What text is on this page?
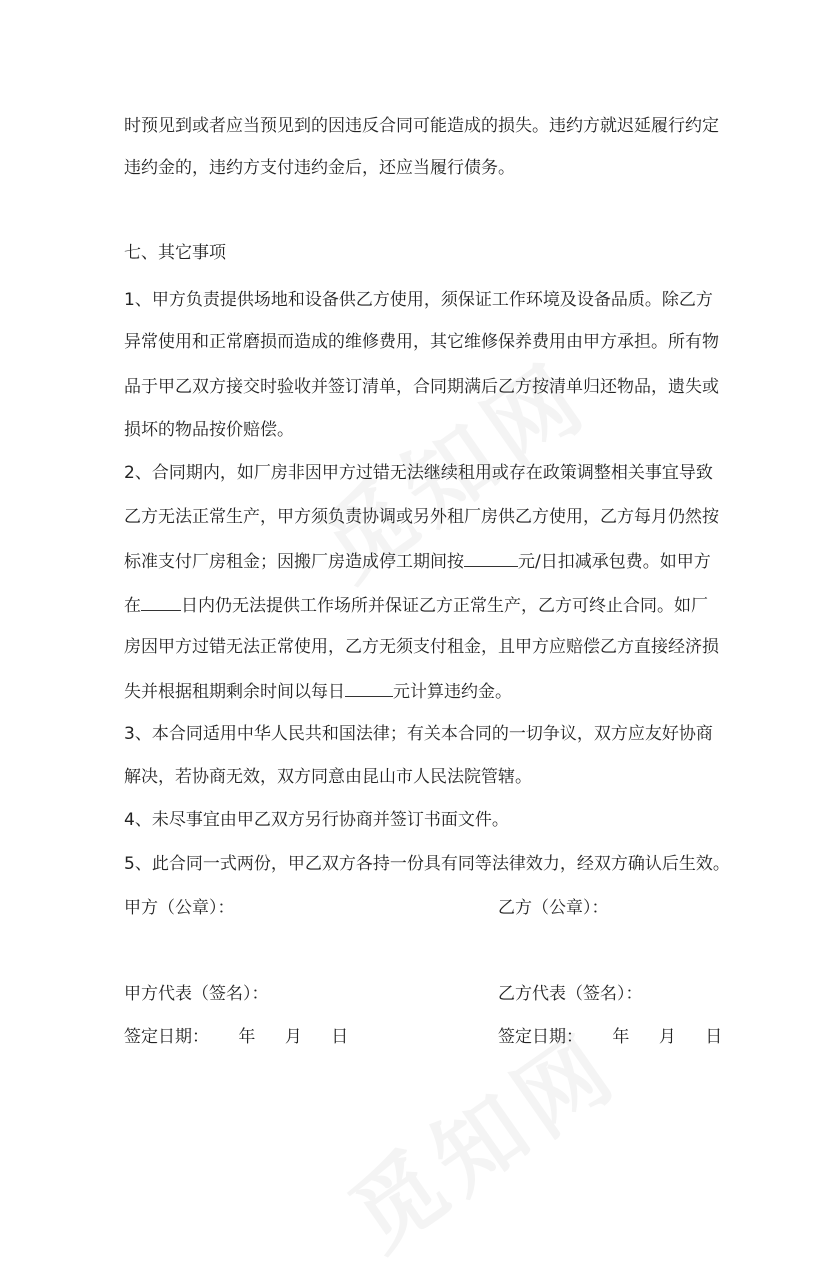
时预见到或者应当预见到的因违反合同可能造成的损失。违约方就迟延履行约定
违约金的，违约方支付违约金后，还应当履行债务。
七、其它事项
1、甲方负责提供场地和设备供乙方使用，须保证工作环境及设备品质。除乙方
异常使用和正常磨损而造成的维修费用，其它维修保养费用由甲方承担。所有物
品于甲乙双方接交时验收并签订清单，合同期满后乙方按清单归还物品，遗失或
损坏的物品按价赔偿。
2、合同期内，如厂房非因甲方过错无法继续租用或存在政策调整相关事宜导致
乙方无法正常生产，甲方须负责协调或另外租厂房供乙方使用，乙方每月仍然按
标准支付厂房租金；因搬厂房造成停工期间按	元/日扣减承包费。如甲方
在 日内仍无法提供工作场所并保证乙方正常生产，乙方可终止合同。如厂
房因甲方过错无法正常使用，乙方无须支付租金，且甲方应赔偿乙方直接经济损
失并根据租期剩余时间以每日	元计算违约金。
3、本合同适用中华人民共和国法律；有关本合同的一切争议，双方应友好协商
解决，若协商无效，双方同意由昆山市人民法院管辖。
4、未尽事宜由甲乙双方另行协商并签订书面文件。
5、此合同一式两份，甲乙双方各持一份具有同等法律效力，经双方确认后生效。
甲方（公章）：	乙方（公章）：
甲方代表（签名）：	乙方代表（签名）：
签定日期： 年 月 日	签定日期： 年 月 日
